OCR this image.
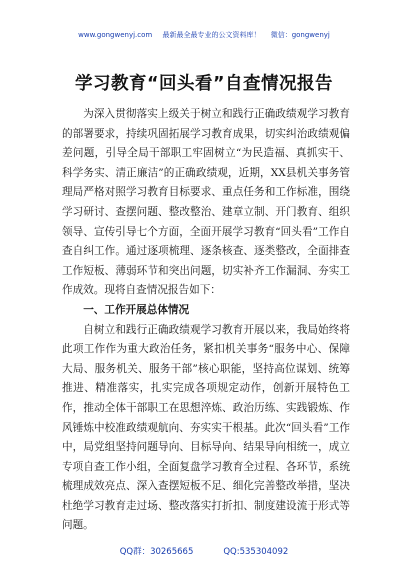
www.gongwenyj.com 最新最全最专业的公文资料库！ 微信：gongwenyj
学习教育“回头看”自查情况报告

为深入贯彻落实上级关于树立和践行正确政绩观学习教育的部署要求，持续巩固拓展学习教育成果，切实纠治政绩观偏差问题，引导全局干部职工牢固树立“为民造福、真抓实干、科学务实、清正廉洁”的正确政绩观，近期，XX县机关事务管理局严格对照学习教育目标要求、重点任务和工作标准，围绕学习研讨、查摆问题、整改整治、建章立制、开门教育、组织领导、宣传引导七个方面，全面开展学习教育“回头看”工作自查自纠工作。通过逐项梳理、逐条核查、逐类整改，全面排查工作短板、薄弱环节和突出问题，切实补齐工作漏洞、夯实工作成效。现将自查情况报告如下：

一、工作开展总体情况

自树立和践行正确政绩观学习教育开展以来，我局始终将此项工作作为重大政治任务，紧扣机关事务“服务中心、保障大局、服务机关、服务干部”核心职能，坚持高位谋划、统筹推进、精准落实，扎实完成各项规定动作，创新开展特色工作，推动全体干部职工在思想淬炼、政治历练、实践锻炼、作风锤炼中校准政绩观航向、夯实实干根基。此次“回头看”工作中，局党组坚持问题导向、目标导向、结果导向相统一，成立专项自查工作小组，全面复盘学习教育全过程、各环节，系统梳理成效亮点、深入查摆短板不足、细化完善整改举措，坚决杜绝学习教育走过场、整改落实打折扣、制度建设流于形式等问题。

QQ群：30265665	QQ:535304092
